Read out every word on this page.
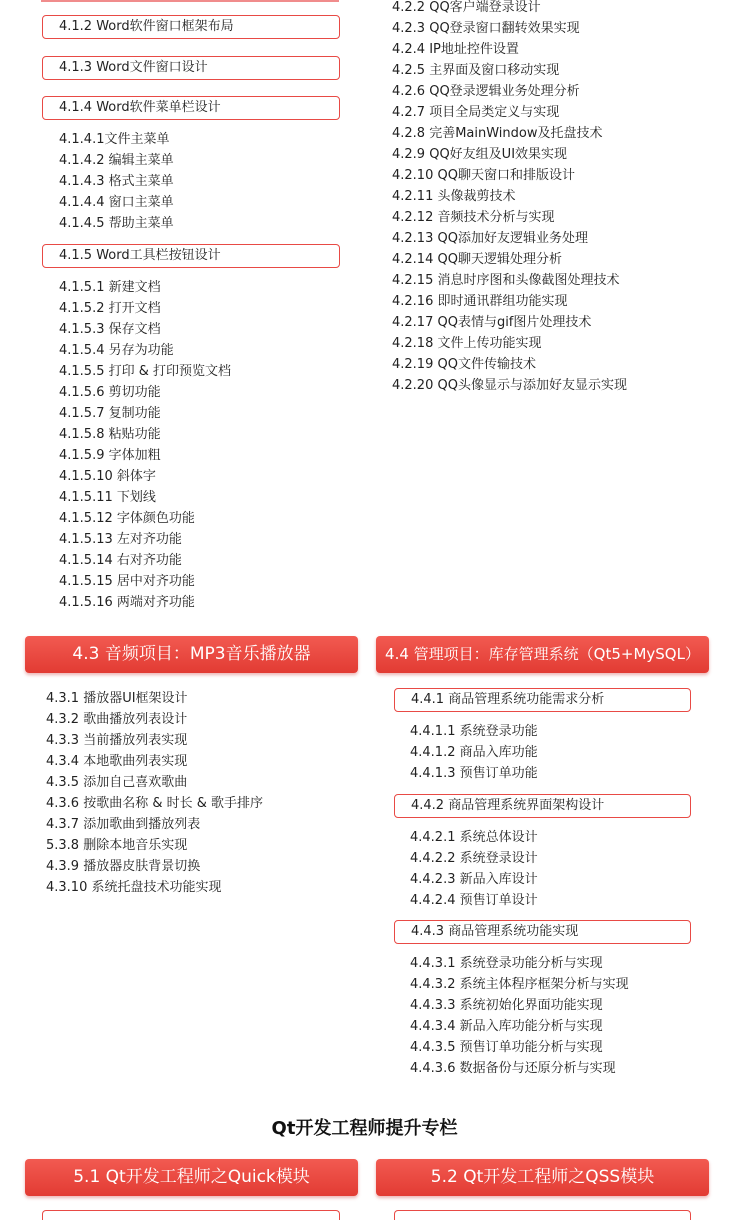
4.1.2 Word软件窗口框架布局
4.1.3 Word文件窗口设计
4.1.4 Word软件菜单栏设计
4.1.4.1文件主菜单
4.1.4.2 编辑主菜单
4.1.4.3 格式主菜单
4.1.4.4 窗口主菜单
4.1.4.5 帮助主菜单
4.1.5 Word工具栏按钮设计
4.1.5.1 新建文档
4.1.5.2 打开文档
4.1.5.3 保存文档
4.1.5.4 另存为功能
4.1.5.5 打印 & 打印预览文档
4.1.5.6 剪切功能
4.1.5.7 复制功能
4.1.5.8 粘贴功能
4.1.5.9 字体加粗
4.1.5.10 斜体字
4.1.5.11 下划线
4.1.5.12 字体颜色功能
4.1.5.13 左对齐功能
4.1.5.14 右对齐功能
4.1.5.15 居中对齐功能
4.1.5.16 两端对齐功能
4.2.2 QQ客户端登录设计
4.2.3 QQ登录窗口翻转效果实现
4.2.4 IP地址控件设置
4.2.5 主界面及窗口移动实现
4.2.6 QQ登录逻辑业务处理分析
4.2.7 项目全局类定义与实现
4.2.8 完善MainWindow及托盘技术
4.2.9 QQ好友组及UI效果实现
4.2.10 QQ聊天窗口和排版设计
4.2.11 头像裁剪技术
4.2.12 音频技术分析与实现
4.2.13 QQ添加好友逻辑业务处理
4.2.14 QQ聊天逻辑处理分析
4.2.15 消息时序图和头像截图处理技术
4.2.16 即时通讯群组功能实现
4.2.17 QQ表情与gif图片处理技术
4.2.18 文件上传功能实现
4.2.19 QQ文件传输技术
4.2.20 QQ头像显示与添加好友显示实现
4.3 音频项目：MP3音乐播放器
4.3.1 播放器UI框架设计
4.3.2 歌曲播放列表设计
4.3.3 当前播放列表实现
4.3.4 本地歌曲列表实现
4.3.5 添加自己喜欢歌曲
4.3.6 按歌曲名称 & 时长 & 歌手排序
4.3.7 添加歌曲到播放列表
5.3.8 删除本地音乐实现
4.3.9 播放器皮肤背景切换
4.3.10 系统托盘技术功能实现
4.4 管理项目：库存管理系统（Qt5+MySQL）
4.4.1 商品管理系统功能需求分析
4.4.1.1 系统登录功能
4.4.1.2 商品入库功能
4.4.1.3 预售订单功能
4.4.2 商品管理系统界面架构设计
4.4.2.1 系统总体设计
4.4.2.2 系统登录设计
4.4.2.3 新品入库设计
4.4.2.4 预售订单设计
4.4.3 商品管理系统功能实现
4.4.3.1 系统登录功能分析与实现
4.4.3.2 系统主体程序框架分析与实现
4.4.3.3 系统初始化界面功能实现
4.4.3.4 新品入库功能分析与实现
4.4.3.5 预售订单功能分析与实现
4.4.3.6 数据备份与还原分析与实现
Qt开发工程师提升专栏
5.1 Qt开发工程师之Quick模块	5.2 Qt开发工程师之QSS模块
